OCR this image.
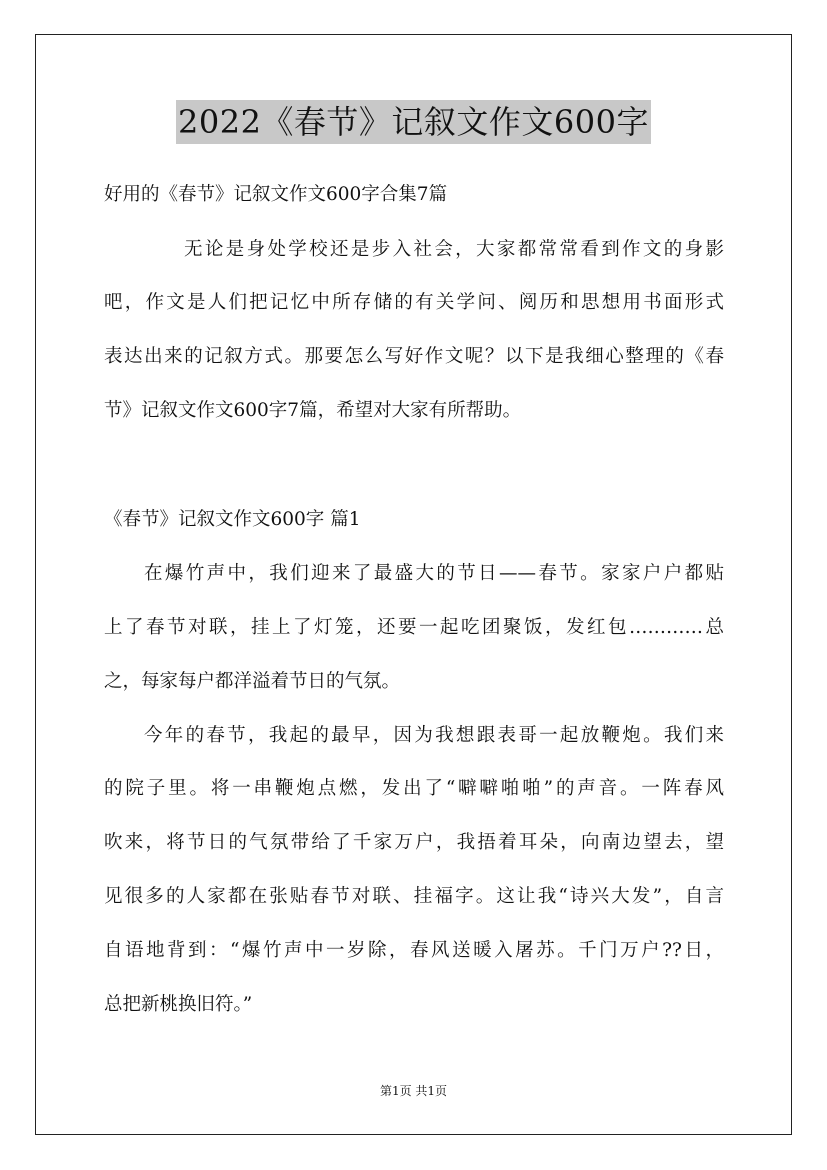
2022《春节》记叙文作文600字
好用的《春节》记叙文作文600字合集7篇
无论是身处学校还是步入社会，大家都常常看到作文的身影
吧，作文是人们把记忆中所存储的有关学问、阅历和思想用书面形式
表达出来的记叙方式。那要怎么写好作文呢？以下是我细心整理的《春
节》记叙文作文600字7篇，希望对大家有所帮助。
《春节》记叙文作文600字 篇1
在爆竹声中，我们迎来了最盛大的节日——春节。家家户户都贴
上了春节对联，挂上了灯笼，还要一起吃团聚饭，发红包…………总
之，每家每户都洋溢着节日的气氛。
今年的春节，我起的最早，因为我想跟表哥一起放鞭炮。我们来
的院子里。将一串鞭炮点燃，发出了“噼噼啪啪”的声音。一阵春风
吹来，将节日的气氛带给了千家万户，我捂着耳朵，向南边望去，望
见很多的人家都在张贴春节对联、挂福字。这让我“诗兴大发”，自言
自语地背到：“爆竹声中一岁除，春风送暖入屠苏。千门万户??日，
总把新桃换旧符。”
第1页 共1页
